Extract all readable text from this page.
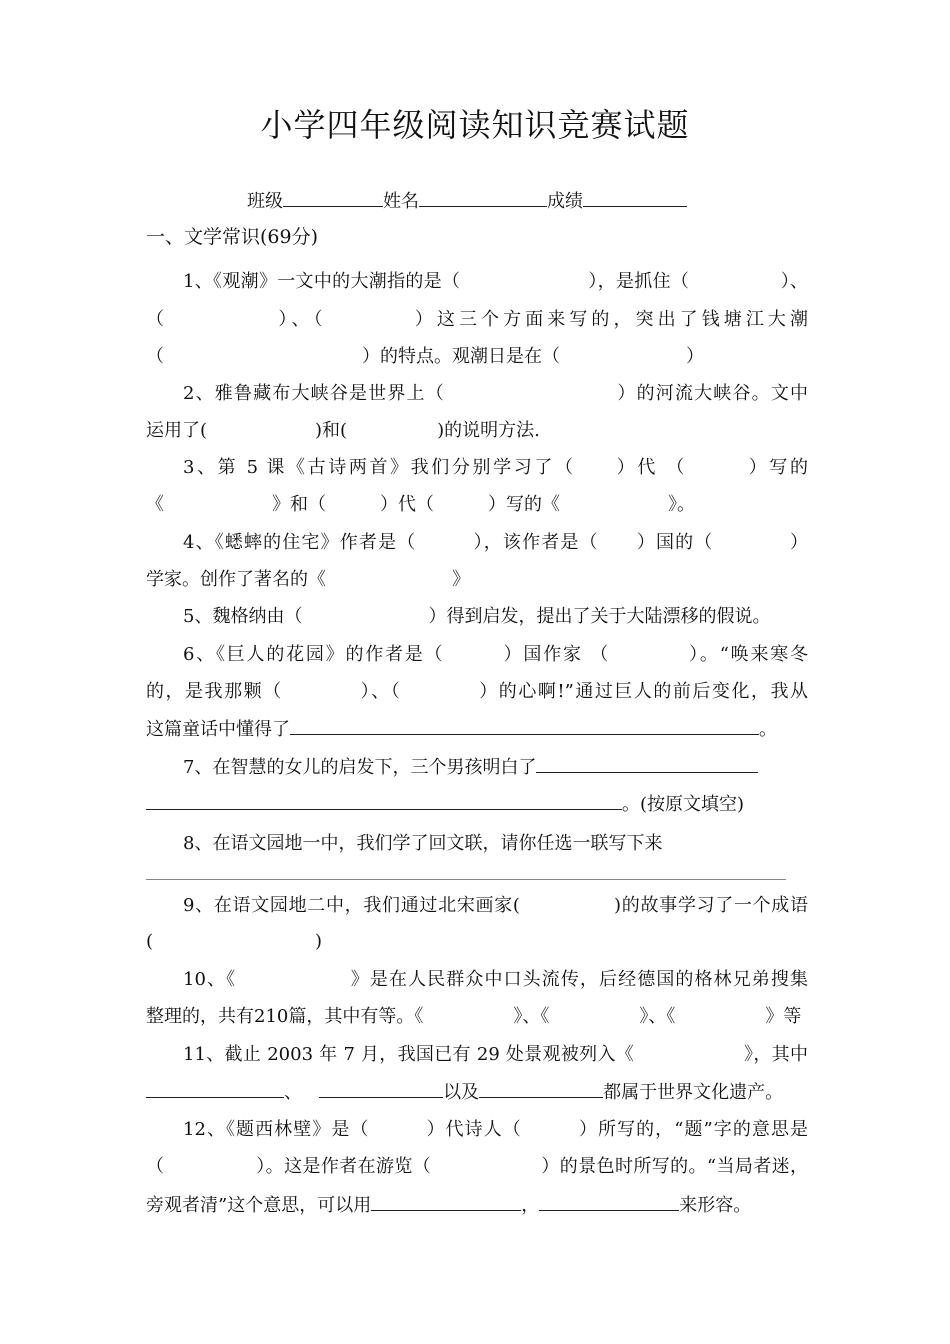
小学四年级阅读知识竞赛试题
班级	姓名	成绩
一、文学常识(69分)
1、《观潮》一文中的大潮指的是（　　　　　　　），是抓住（　　　　　）、
（　　　　　）、（　　　　）这三个方面来写的，突出了钱塘江大潮
（　　　　　　　　　　　）的特点。观潮日是在（　　　　　　　）
2、雅鲁藏布大峡谷是世界上（　　　　　　　　　）的河流大峡谷。文中
运用了(　　　　　　)和(　　　　　)的说明方法.
3、第 5 课《古诗两首》我们分别学习了（　　）代 （　　　）写的
《　　　　　　》和（　　　）代（　　　）写的《　　　　　　》。
4、《蟋蟀的住宅》作者是（　　　），该作者是（　　）国的（　　　　）
学家。创作了著名的《　　　　　　　》
5、魏格纳由（　　　　　　　）得到启发，提出了关于大陆漂移的假说。
6、《巨人的花园》的作者是（　　　）国作家 （　　　　）。“唤来寒冬
的，是我那颗（　　　　）、（　　　　）的心啊!”通过巨人的前后变化，我从
这篇童话中懂得了	。
7、在智慧的女儿的启发下，三个男孩明白了
。(按原文填空)
8、在语文园地一中，我们学了回文联，请你任选一联写下来
9、在语文园地二中，我们通过北宋画家(　　　　　)的故事学习了一个成语
(　　　　　　　　　)
10、《　　　　　　》是在人民群众中口头流传，后经德国的格林兄弟搜集
整理的，共有210篇，其中有等。《　　　　　》、《　　　　　》、《　　　　　》等
11、截止 2003 年 7 月，我国已有 29 处景观被列入《　　　　　　》，其中
、	以及	都属于世界文化遗产。
12、《题西林壁》是（　　　）代诗人（　　　）所写的，“题”字的意思是
（　　　　　）。这是作者在游览（　　　　　　）的景色时所写的。“当局者迷，
旁观者清”这个意思，可以用	，	来形容。
